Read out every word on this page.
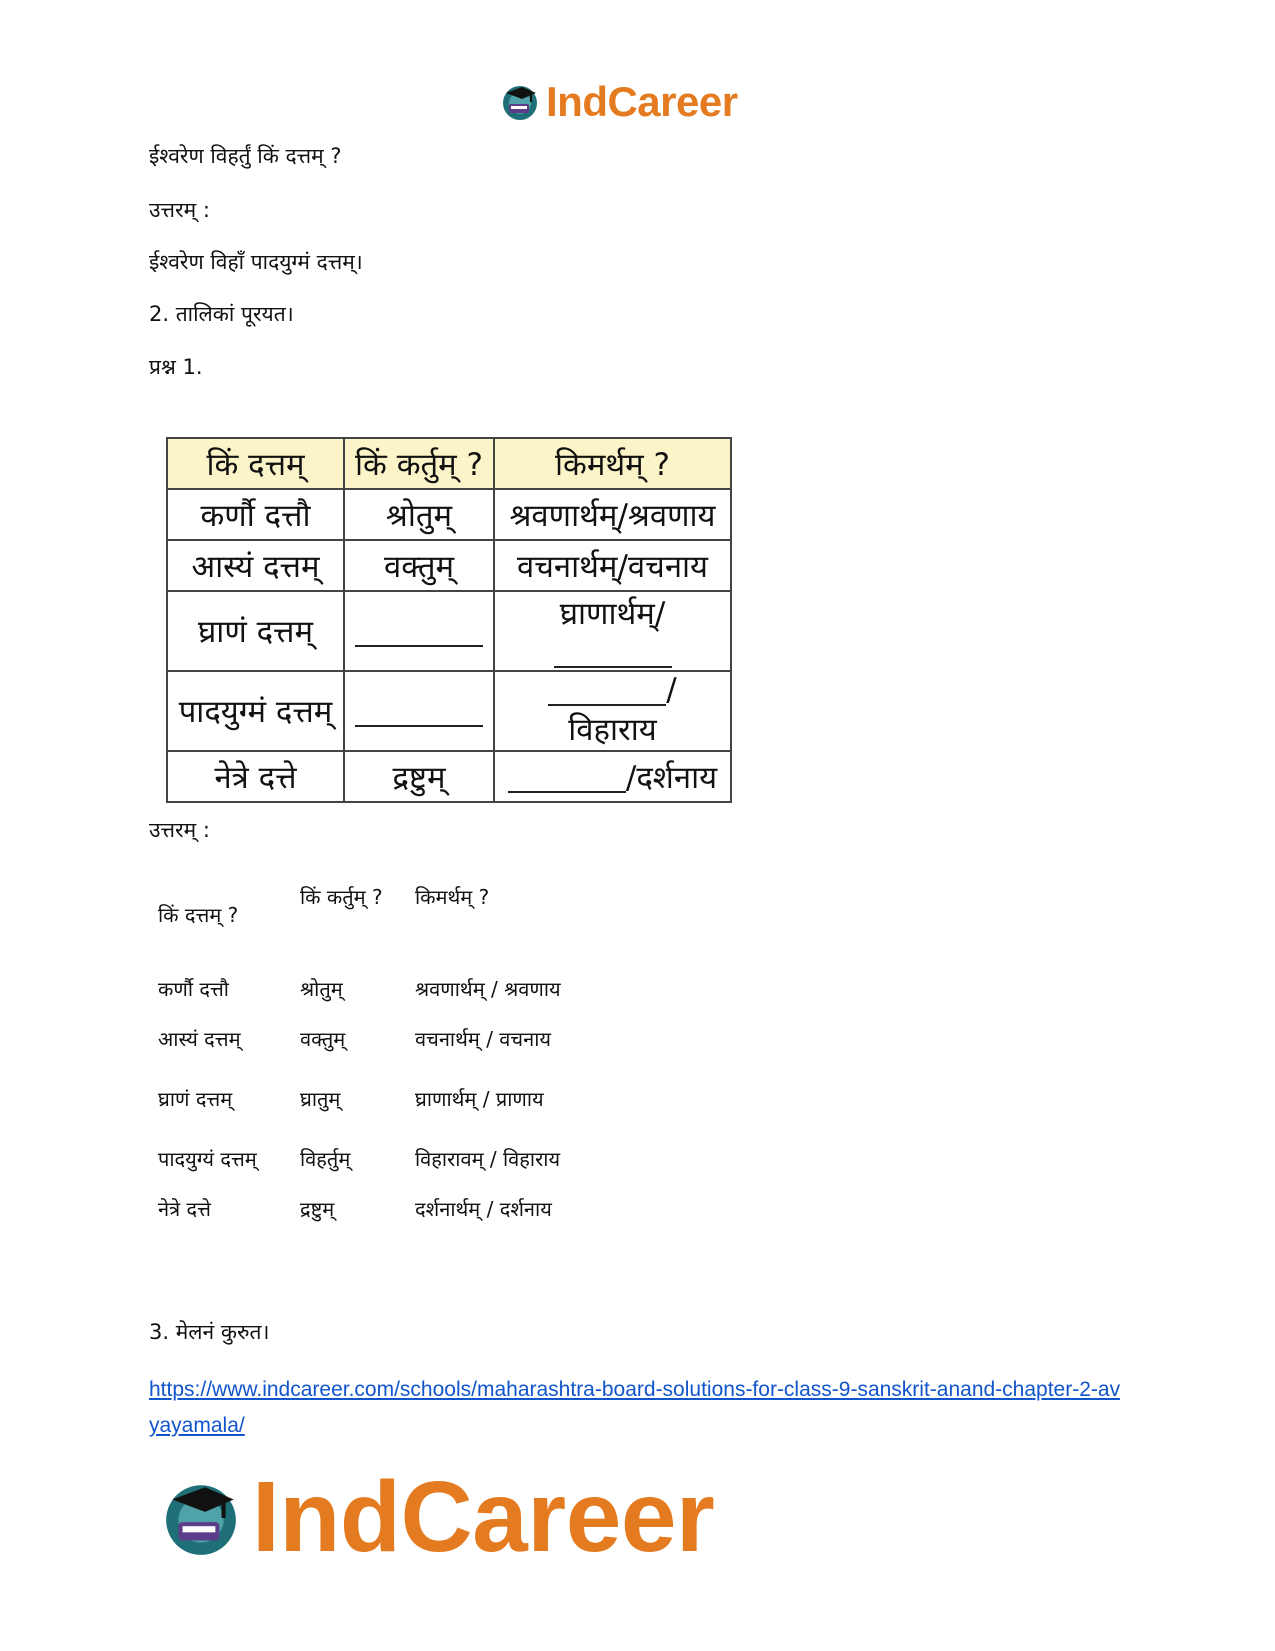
IndCareer
ईश्वरेण विहर्तुं किं दत्तम् ?
उत्तरम् :
ईश्वरेण विहाँ पादयुग्मं दत्तम्।
2. तालिकां पूरयत।
प्रश्न 1.
किं दत्तम्	किं कर्तुम् ?	किमर्थम् ?
कर्णौ दत्तौ	श्रोतुम्	श्रवणार्थम्/श्रवणाय
आस्यं दत्तम्	वक्तुम्	वचनार्थम्/वचनाय
घ्राणं दत्तम्		घ्राणार्थम्/
पादयुग्मं दत्तम्		/विहाराय
नेत्रे दत्ते	द्रष्टुम्	/दर्शनाय
उत्तरम् :
किं दत्तम् ?	किं कर्तुम् ?	किमर्थम् ?
कर्णौ दत्तौ	श्रोतुम्	श्रवणार्थम् / श्रवणाय
आस्यं दत्तम्	वक्तुम्	वचनार्थम् / वचनाय
घ्राणं दत्तम्	घ्रातुम्	घ्राणार्थम् / प्राणाय
पादयुग्यं दत्तम्	विहर्तुम्	विहारावम् / विहाराय
नेत्रे दत्ते	द्रष्टुम्	दर्शनार्थम् / दर्शनाय
3. मेलनं कुरुत।
https://www.indcareer.com/schools/maharashtra-board-solutions-for-class-9-sanskrit-anand-chapter-2-avyayamala/
IndCareer
